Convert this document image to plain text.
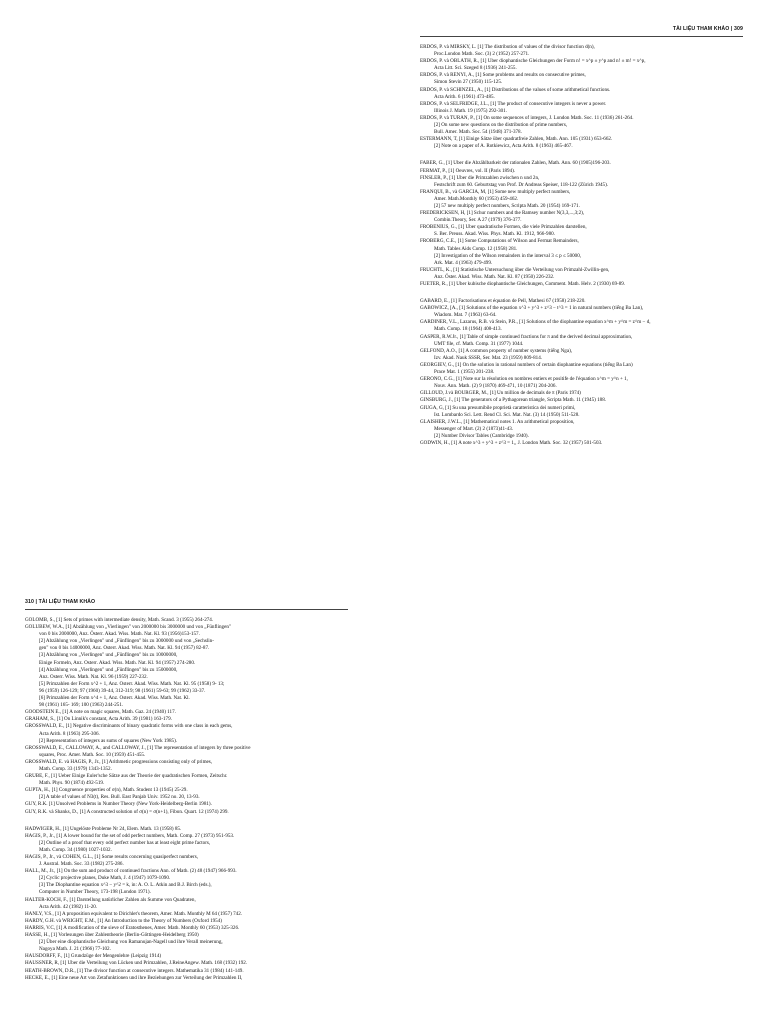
TÀI LIỆU THAM KHẢO | 309
ERDŐS, P. và MIRSKY, L. [1] The distribution of values of the divisor function d(n),
Proc.London Math. Soc. (3) 2 (1952) 257-271.
ERDŐS, P. và OBLÁTH, R., [1] Über diophantische Gleichungen der Form n! = x^p ± y^p and n! ± m! = x^p,
Acta Litt. Sci. Szeged 8 (1936) 241-255.
ERDŐS, P. và RÉNYI, A., [1] Some problems and results on consecutive primes,
Simon Stevin 27 (1950) 115-125.
ERDŐS, P. và SCHINZEL, A., [1] Distributions of the values of some arithmetical functions.
Acta Arith. 6 (1961) 473-485.
ERDŐS, P. và SELFRIDGE, J.L., [1] The product of consecutive integers is never a power.
Illinois J. Math. 19 (1975) 292-301.
ERDŐS, P. và TURÁN, P., [1] On some sequences of integers, J. London Math. Soc. 11 (1936) 261-264.
[2] On some new questions on the distribution of prime numbers,
Bull. Amer. Math. Soc. 54 (1948) 371-378.
ESTERMANN, T, [1] Einige Sätze über quadratfreie Zahlen, Math. Ann. 105 (1931) 653-662.
[2] Note on a paper of A. Rotkiewicz, Acta Arith. 8 (1963) 465-467.
FABER, G., [1] Über die Abzählbarkeit der rationalen Zahlen, Math. Ann. 60 (1905)196-203.
FERMAT, P., [1] Oeuvres, vol. II (Paris 1894).
FINSLER, P., [1] Über die Primzahlen zwischen n und 2n,
Festschrift zum 60. Geburtstag von Prof. Dr Andreas Speiser, 118-122 (Zürich 1945).
FRANQUI, B., và GARCIA, M, [1] Some new multiply perfect numbers,
Amer. Math.Monthly 60 (1953) 459-462.
[2] 57 new multiply perfect numbers, Scripta Math. 20 (1954) 169-171.
FREDERICKSEN, H, [1] Schur numbers and the Ramsey number N(3,3,...,3;2),
Combin.Theory, Ser. A 27 (1979) 376-377.
FROBENIUS, G., [1] Über quadratische Formen, die viele Primzahlen darstellen,
S. Ber. Preuss. Akad. Wiss. Phys. Math. Kl. 1912, 966-980.
FRÖBERG, C.E., [1] Some Computations of Wilson and Fermat Remainders,
Math. Tables Aids Comp. 12 (1958) 281.
[2] Investigation of the Wilson remainders in the interval 3 ≤ p ≤ 50000,
Ark. Mat. 4 (1963) 479-499.
FRÜCHTL, K., [1] Statistische Untersuchung über die Verteilung von Primzahl-Zwillin-gen,
Anz. Öster. Akad. Wiss. Math. Nat. Kl. 87 (1950) 226-232.
FUETER, R., [1] Über kubische diophantische Gleichungen, Comment. Math. Helv. 2 (1930) 69-89.
GABARD, E., [1] Factorisations et équation de Pell, Mathesi 67 (1958) 218-220.
GABOWICZ, [A., [1] Solutions of the equation x^3 + y^3 + z^3 − t^3 = 1 in natural numbers (tiếng Ba Lan),
Wiadom. Mat. 7 (1963) 63-64.
GARDINER, V.L., Lazarus, R.B. và Stein, P.R., [1] Solutions of the diophantine equation x^m + y^m = z^m − d,
Math. Comp. 18 (1964) 408-413.
GASPER, R.W.Jr., [1] Table of simple continued fractions for π and the derived decimal approximation,
UMT file, cf. Math. Comp. 31 (1977) 1044.
GELFOND, A.O., [1] A common property of number systems (tiếng Nga),
Izv. Akad. Nauk SSSR, Ser. Mat. 23 (1959) 809-814.
GEORGIEV, G., [1] On the solution in rational numbers of certain diophantine equations (tiếng Ba Lan)
Prace Mat. 1 (1955) 201-238.
GERONO, C.G., [1] Note sur la résolution en nombres entiers et positife de l'équation x^m = y^n + 1,
Nouv. Ann. Math. (2) 9 (1870) 469-471, 10 (1871) 204-206.
GILLOUD, J.và BOURGER, M., [1] Un million de decimals de π (Paris 1974)
GINSBURG, J., [1] The generators of a Pythagorean triangle, Scripta Math. 11 (1945) 188.
GIUGA, G, [1] Su una presumibile proprietà caratteristica dei numeri primi,
Ist. Lombardo Sci. Lett. Rend Cl. Sci. Mat. Nat. (3) 14 (1950) 511-528.
GLAISHER, J.W.L., [1] Mathematical notes 1. An arithmetical proposition,
Messenger of Mart. (2) 2 (1873)41-43.
[2] Number Divisor Tables (Cambridge 1940).
GODWIN, H., [1] A note x^3 + y^3 + z^3 = 1,, J. London Math. Soc. 32 (1957) 501-503.
310 | TÀI LIỆU THAM KHẢO
GOLOMB, S., [1] Sets of primes with intermediate density, Math. Scand. 3 (1955) 264-274.
GOLUBEW, W.A., [1] Abzählung von „Vierlingen" von 2000000 bis 3000000 und von „Fünflingen"
von 0 bis 2000000, Anz. Österr. Akad. Wiss. Math. Nat. Kl. 93 (1956)153-157.
[2] Abzählung von „Vierlingen" und „Fünflingen" bis zu 3000000 und von „Sechslin-
gen" von 0 bis 14000000, Anz. Österr. Akad. Wiss. Math. Nat. Kl. 94 (1957) 82-87.
[3] Abzählung von „Vierlingen" und „Fünflingen" bis zu 10000000,
Einige Formeln, Anz. Österr. Akad. Wiss. Math. Nat. Kl. 94 (1957) 274-280.
[4] Abzählung von „Vierlingen" und „Fünflingen" bis zu 15000000,
Anz. Österr. Wiss. Math. Nat. Kl. 96 (1959) 227-232.
[5] Primzahlen der Form x^2 + 1, Anz. Österr. Akad. Wiss. Math. Nat. Kl. 95 (1958) 9- 13;
96 (1959) 126-129; 97 (1960) 39-44, 312-319; 98 (1961) 59-63; 99 (1962) 33-37.
[6] Primzahlen der Form x^4 + 1, Anz. Österr. Akad. Wiss. Math. Nat. Kl.
98 (1961) 165- 169; 100 (1963) 244-251.
GOODSTEIN E., [1] A note on magic squares, Math. Gaz. 24 (1940) 117.
GRAHAM, S., [1] On Linnik's constant, Acta Arith. 39 (1981) 163-179.
GROSSWALD, E., [1] Negative discriminants of binary quadratic forms with one class in each gems,
Acta Arith. 8 (1963) 295-306.
[2] Representation of integers as sums of squares (New York 1985).
GROSSWALD, E., CALLOWAY, A., and CALLOWAY, J., [1] The representation of integers by three positive
squares, Proc. Amer. Math. Soc. 10 (1959) 451-455.
GROSSWALD, E. và HAGIS, P., Jr., [1] Arithmetic progressions consisting only of primes,
Math. Comp. 33 (1979) 1343-1352.
GRUBE, F., [1] Ueber Einige Euler'sche Sätze aus der Theorie der quadratischen Formen, Zeitschr.
Math. Phys. 90 (1874) 492-519.
GUPTA, H., [1] Congruence properties of σ(n), Math. Student 13 (1945) 25-29.
[2] A table of values of N3(t), Res. Bull. East Panjab Univ. 1952 no. 20, 13-93.
GUY, R.K. [1] Unsolved Problems in Number Theory (New York-Heidelberg-Berlin 1981).
GUY, R.K. và Shanks, D., [1] A constructed solution of σ(n) = σ(n+1), Fibon. Quart. 12 (1974) 299.
HADWIGER, H., [1] Ungelöste Probleme Nr 24, Elem. Math. 13 (1958) 85.
HAGIS, P., Jr., [1] A lower bound for the set of odd perfect numbers, Math. Comp. 27 (1973) 951-953.
[2] Outline of a proof that every odd perfect number has at least eight prime factors,
Math. Comp. 34 (1980) 1027-1032.
HAGIS, P., Jr., và COHEN, G.L., [1] Some results concerning quasiperfect numbers,
J. Austral. Math. Soc. 33 (1982) 275-286.
HALL, M., Jr., [1] On the sum and product of continued fractions Ann. of Math. (2) 48 (1947) 966-993.
[2] Cyclic projective planes, Duke Math, J. 4 (1947) 1079-1090.
[3] The Diophantine equation x^3 − y^2 = k, in: A. O. L. Atkin and B.J. Birch (eds.),
Computer in Number Theory, 173-198 (London 1971).
HALTER-KOCH, F., [1] Darstellung natürlicher Zahlen als Summe von Quadraten,
Acta Arith. 42 (1982) 11-20.
HANLY, V.S., [1] A proposition equivalent to Dirichlet's theorem, Amer. Math. Monthly M 64 (1957) 742.
HARDY, G.H. và WRIGHT, E.M., [1] An Introduction to the Theory of Numbers (Oxford 1954)
HARRIS, V.C, [1] A modification of the sieve of Eratosthenes, Amer. Math. Monthly 60 (1953) 325-326.
HASSE, H., [1] Vorlesungen über Zahlentheorie (Berlin-Göttingen-Heidelberg 1950)
[2] Über eine diophantische Gleichung von Ramanujan-Nagell und ihre Verall meinerung,
Nagoya Math. J. 21 (1966) 77-102.
HAUSDORFF, F., [1] Grundzüge der Mengenlehre (Leipzig 1914)
HAUSSNER, R, [1] Über die Verteilung von Lücken und Primzahlen, J.ReineAngew. Math. 168 (1932) 192.
HEATH-BROWN, D.R., [1] The divisor function at consecutive integers. Mathematika 31 (1984) 141-149.
HECKE, E., [1] Eine neue Art von Zetafunktionen und ihre Beziehungen zur Verteilung der Primzahlen II,
